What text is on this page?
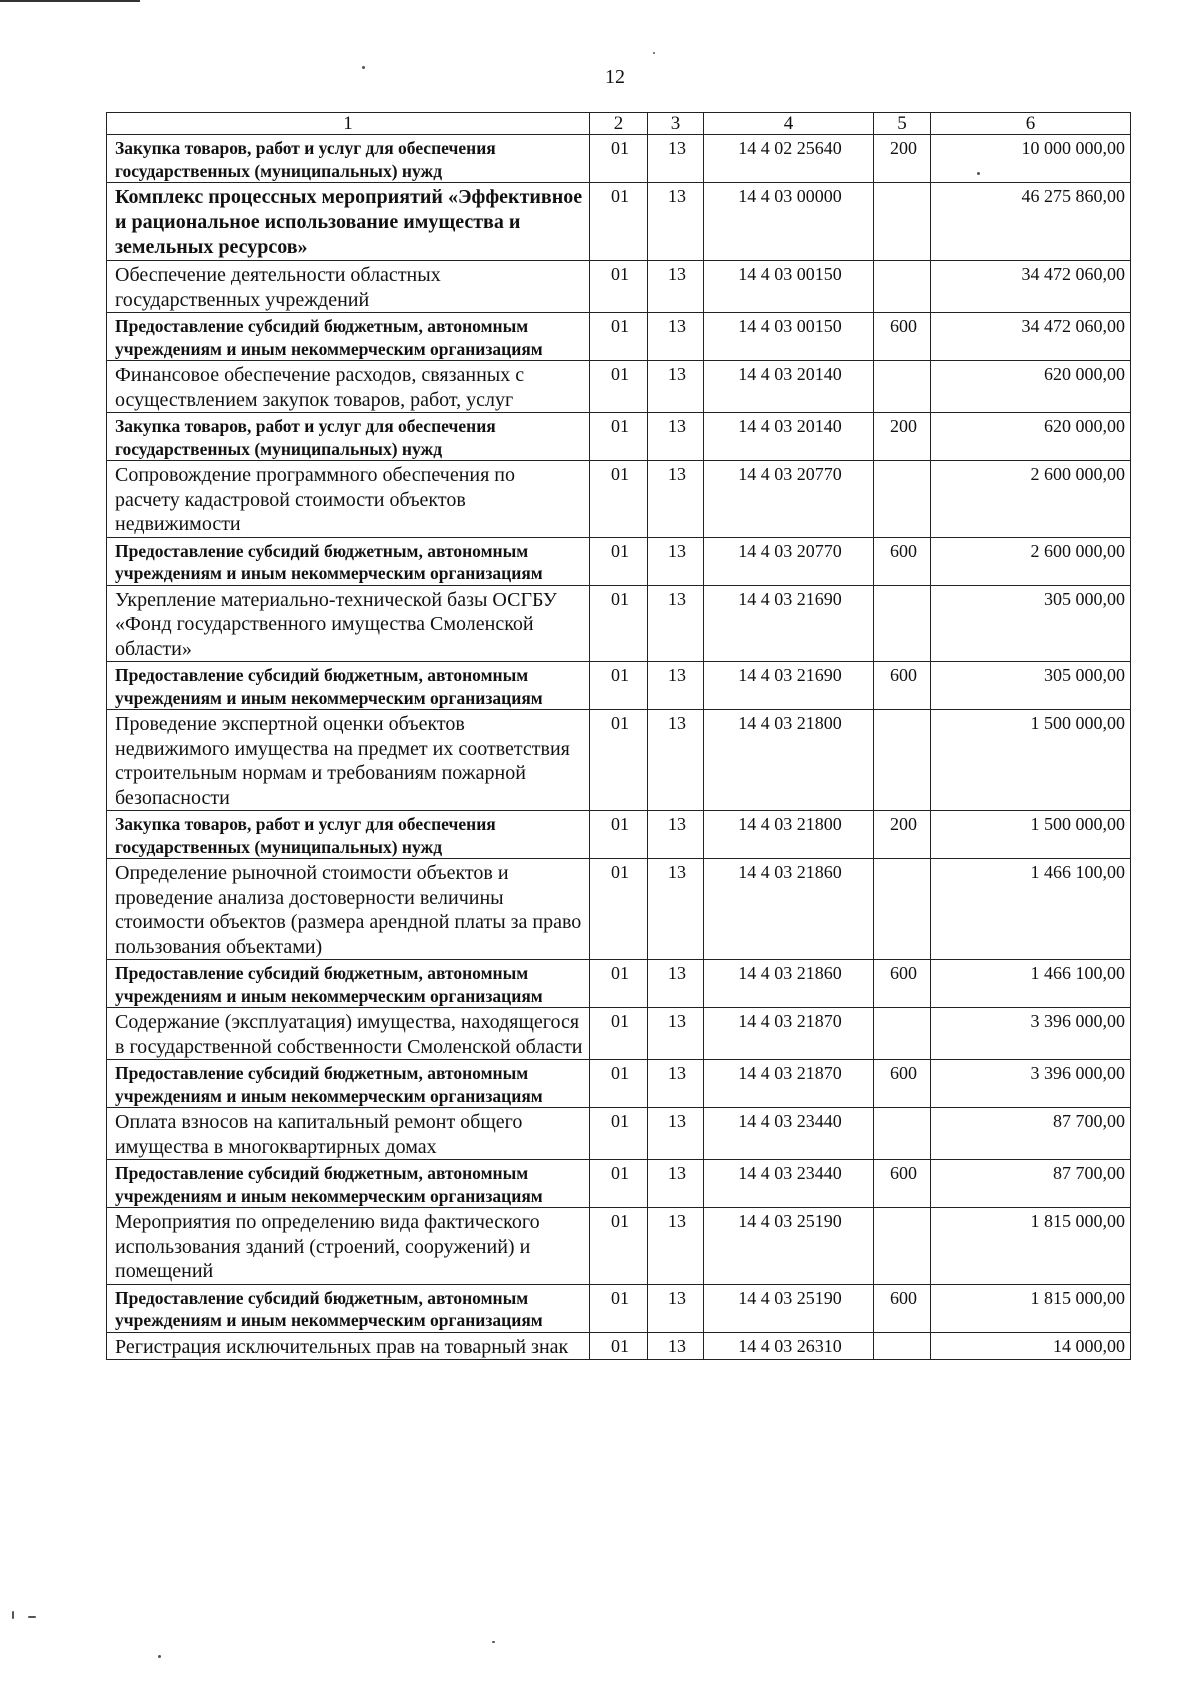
12
1	2	3	4	5	6
Закупка товаров, работ и услуг для обеспечения государственных (муниципальных) нужд	01	13	14 4 02 25640	200	10 000 000,00
Комплекс процессных мероприятий «Эффективное и рациональное использование имущества и земельных ресурсов»	01	13	14 4 03 00000		46 275 860,00
Обеспечение деятельности областных государственных учреждений	01	13	14 4 03 00150		34 472 060,00
Предоставление субсидий бюджетным, автономным учреждениям и иным некоммерческим организациям	01	13	14 4 03 00150	600	34 472 060,00
Финансовое обеспечение расходов, связанных с осуществлением закупок товаров, работ, услуг	01	13	14 4 03 20140		620 000,00
Закупка товаров, работ и услуг для обеспечения государственных (муниципальных) нужд	01	13	14 4 03 20140	200	620 000,00
Сопровождение программного обеспечения по расчету кадастровой стоимости объектов недвижимости	01	13	14 4 03 20770		2 600 000,00
Предоставление субсидий бюджетным, автономным учреждениям и иным некоммерческим организациям	01	13	14 4 03 20770	600	2 600 000,00
Укрепление материально-технической базы ОСГБУ «Фонд государственного имущества Смоленской области»	01	13	14 4 03 21690		305 000,00
Предоставление субсидий бюджетным, автономным учреждениям и иным некоммерческим организациям	01	13	14 4 03 21690	600	305 000,00
Проведение экспертной оценки объектов недвижимого имущества на предмет их соответствия строительным нормам и требованиям пожарной безопасности	01	13	14 4 03 21800		1 500 000,00
Закупка товаров, работ и услуг для обеспечения государственных (муниципальных) нужд	01	13	14 4 03 21800	200	1 500 000,00
Определение рыночной стоимости объектов и проведение анализа достоверности величины стоимости объектов (размера арендной платы за право пользования объектами)	01	13	14 4 03 21860		1 466 100,00
Предоставление субсидий бюджетным, автономным учреждениям и иным некоммерческим организациям	01	13	14 4 03 21860	600	1 466 100,00
Содержание (эксплуатация) имущества, находящегося в государственной собственности Смоленской области	01	13	14 4 03 21870		3 396 000,00
Предоставление субсидий бюджетным, автономным учреждениям и иным некоммерческим организациям	01	13	14 4 03 21870	600	3 396 000,00
Оплата взносов на капитальный ремонт общего имущества в многоквартирных домах	01	13	14 4 03 23440		87 700,00
Предоставление субсидий бюджетным, автономным учреждениям и иным некоммерческим организациям	01	13	14 4 03 23440	600	87 700,00
Мероприятия по определению вида фактического использования зданий (строений, сооружений) и помещений	01	13	14 4 03 25190		1 815 000,00
Предоставление субсидий бюджетным, автономным учреждениям и иным некоммерческим организациям	01	13	14 4 03 25190	600	1 815 000,00
Регистрация исключительных прав на товарный знак	01	13	14 4 03 26310		14 000,00
